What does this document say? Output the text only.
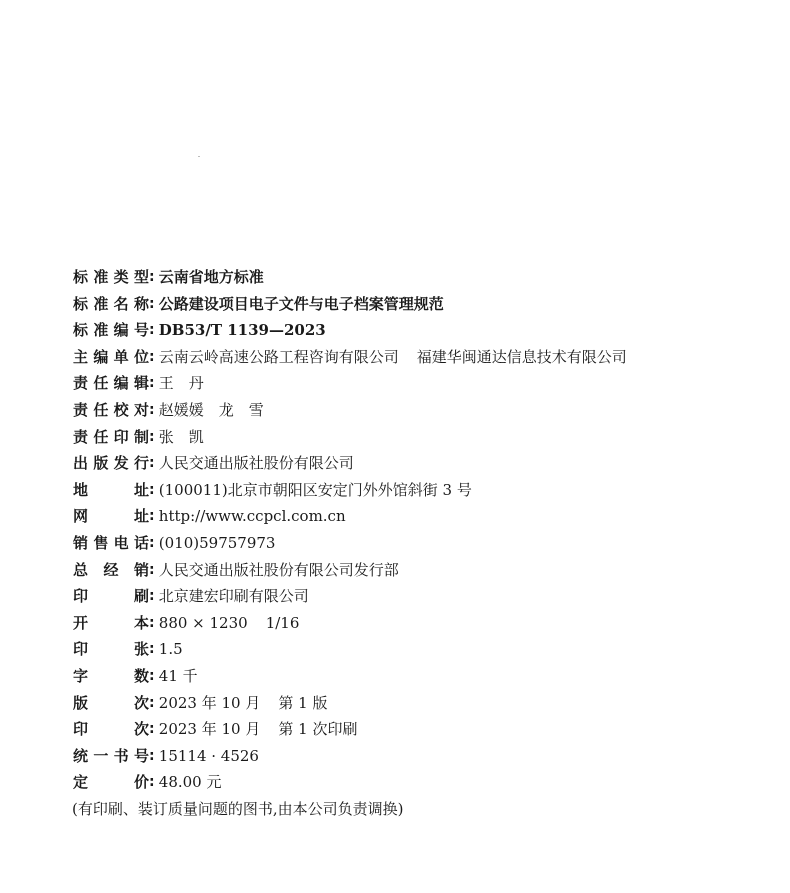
标准类型: 云南省地方标准
标准名称: 公路建设项目电子文件与电子档案管理规范
标准编号: DB53/T 1139—2023
主编单位: 云南云岭高速公路工程咨询有限公司 福建华闽通达信息技术有限公司
责任编辑: 王　丹
责任校对: 赵媛媛　龙　雪
责任印制: 张　凯
出版发行: 人民交通出版社股份有限公司
地址: (100011)北京市朝阳区安定门外外馆斜街 3 号
网址: http://www.ccpcl.com.cn
销售电话: (010)59757973
总经销: 人民交通出版社股份有限公司发行部
印刷: 北京建宏印刷有限公司
开本: 880 × 1230 1/16
印张: 1.5
字数: 41 千
版次: 2023 年 10 月 第 1 版
印次: 2023 年 10 月 第 1 次印刷
统一书号: 15114 · 4526
定价: 48.00 元
(有印刷、装订质量问题的图书,由本公司负责调换)
